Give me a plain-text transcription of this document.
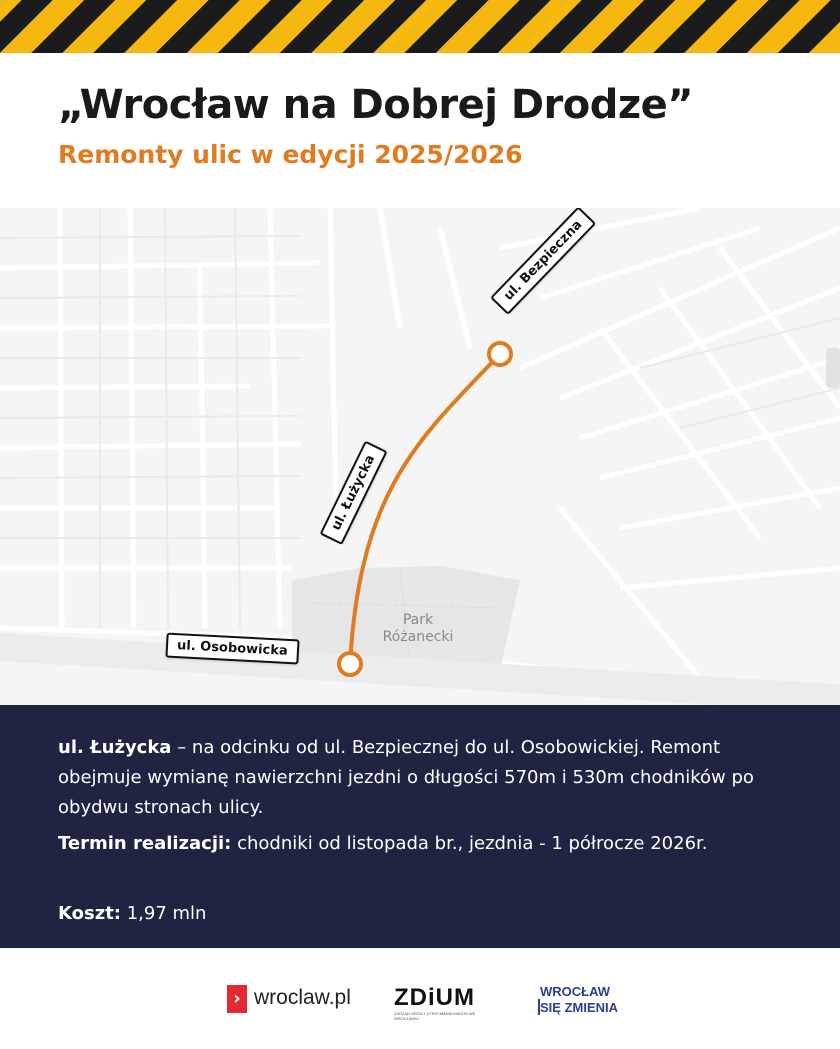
„Wrocław na Dobrej Drodze”
Remonty ulic w edycji 2025/2026
ul. Bezpieczna
ul. Łużycka
ul. Osobowicka
Park
Różanecki

ul. Łużycka – na odcinku od ul. Bezpiecznej do ul. Osobowickiej. Remont obejmuje wymianę nawierzchni jezdni o długości 570m i 530m chodników po obydwu stronach ulicy.

Termin realizacji: chodniki od listopada br., jezdnia - 1 półrocze 2026r.

Koszt: 1,97 mln

› wroclaw.pl ZDiUM
ZARZĄD DRÓG I UTRZYMANIA MIASTA WE WROCŁAWIU
WROCŁAW
SIĘ ZMIENIA
